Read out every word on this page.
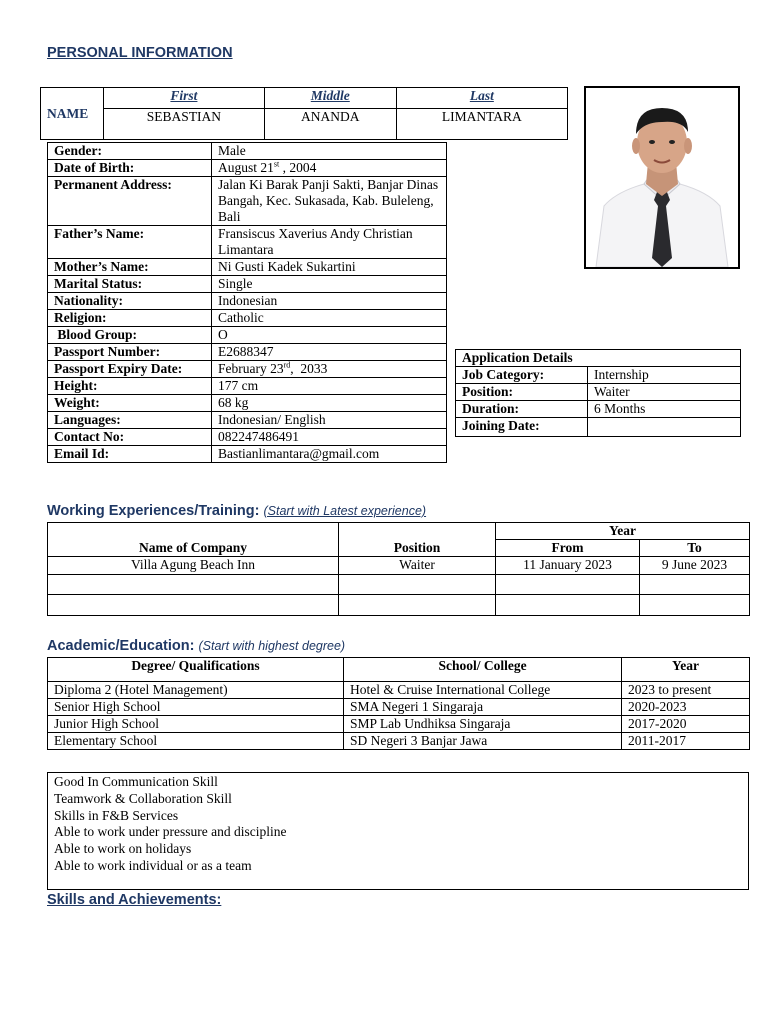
PERSONAL INFORMATION
NAME	First	Middle	Last
	SEBASTIAN	ANANDA	LIMANTARA
Gender:	Male
Date of Birth:	August 21st , 2004
Permanent Address:	Jalan Ki Barak Panji Sakti, Banjar Dinas Bangah, Kec. Sukasada, Kab. Buleleng, Bali
Father’s Name:	Fransiscus Xaverius Andy Christian Limantara
Mother’s Name:	Ni Gusti Kadek Sukartini
Marital Status:	Single
Nationality:	Indonesian
Religion:	Catholic
Blood Group:	O
Passport Number:	E2688347
Passport Expiry Date:	February 23rd,  2033
Height:	177 cm
Weight:	68 kg
Languages:	Indonesian/ English
Contact No:	082247486491
Email Id:	Bastianlimantara@gmail.com
Application Details	
Job Category:	Internship
Position:	Waiter
Duration:	6 Months
Joining Date:	
Working Experiences/Training: (Start with Latest experience)
Name of Company	Position	Year	
		From	To
Villa Agung Beach Inn	Waiter	11 January 2023	9 June 2023

Academic/Education: (Start with highest degree)
Degree/ Qualifications	School/ College	Year
Diploma 2 (Hotel Management)	Hotel & Cruise International College	2023 to present
Senior High School	SMA Negeri 1 Singaraja	2020-2023
Junior High School	SMP Lab Undhiksa Singaraja	2017-2020
Elementary School	SD Negeri 3 Banjar Jawa	2011-2017
Good In Communication Skill
Teamwork & Collaboration Skill
Skills in F&B Services
Able to work under pressure and discipline
Able to work on holidays
Able to work individual or as a team
Skills and Achievements:
